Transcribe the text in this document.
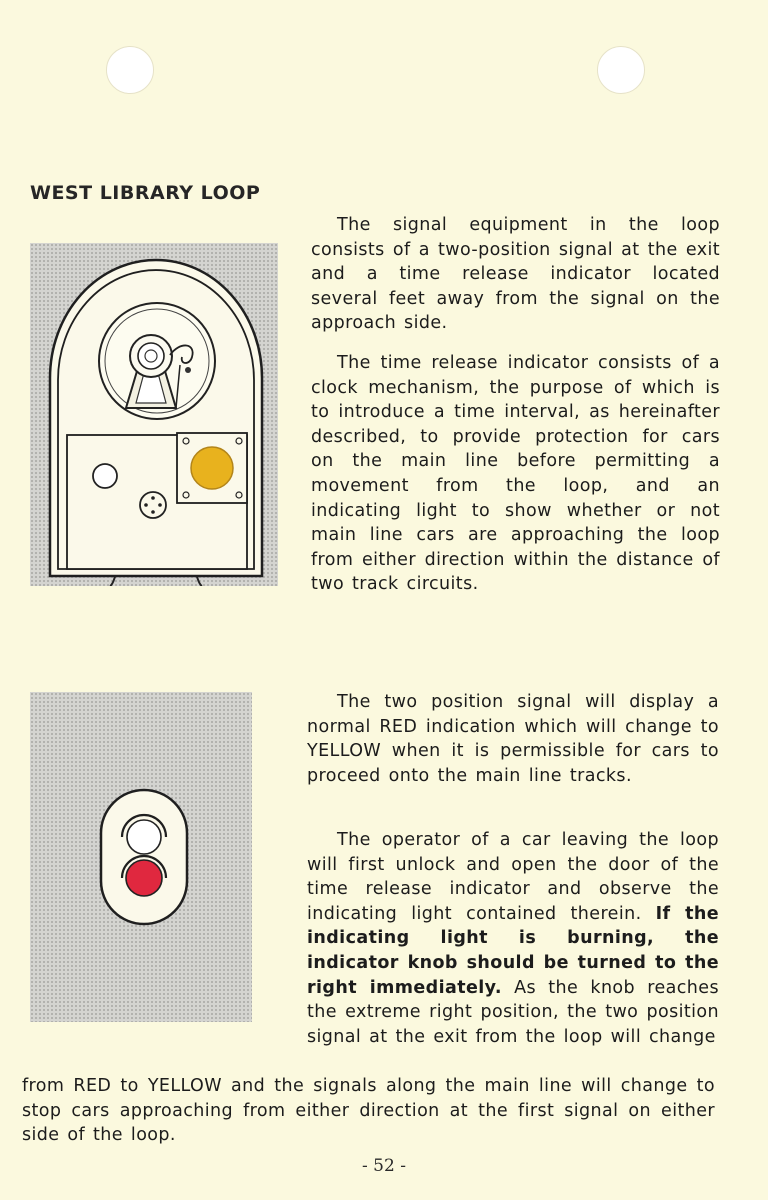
WEST LIBRARY LOOP

The signal equipment in the loop consists of a two-position signal at the exit and a time release indicator located several feet away from the signal on the approach side.

The time release indicator consists of a clock mechanism, the purpose of which is to introduce a time interval, as hereinafter described, to provide protection for cars on the main line before permitting a movement from the loop, and an indicating light to show whether or not main line cars are approaching the loop from either direction within the distance of two track circuits.

The two position signal will display a normal RED indication which will change to YELLOW when it is permissible for cars to proceed onto the main line tracks.

The operator of a car leaving the loop will first unlock and open the door of the time release indicator and observe the indicating light contained therein. If the indicating light is burning, the indicator knob should be turned to the right immediately. As the knob reaches the extreme right position, the two position signal at the exit from the loop will change

from RED to YELLOW and the signals along the main line will change to stop cars approaching from either direction at the first signal on either side of the loop.

- 52 -
